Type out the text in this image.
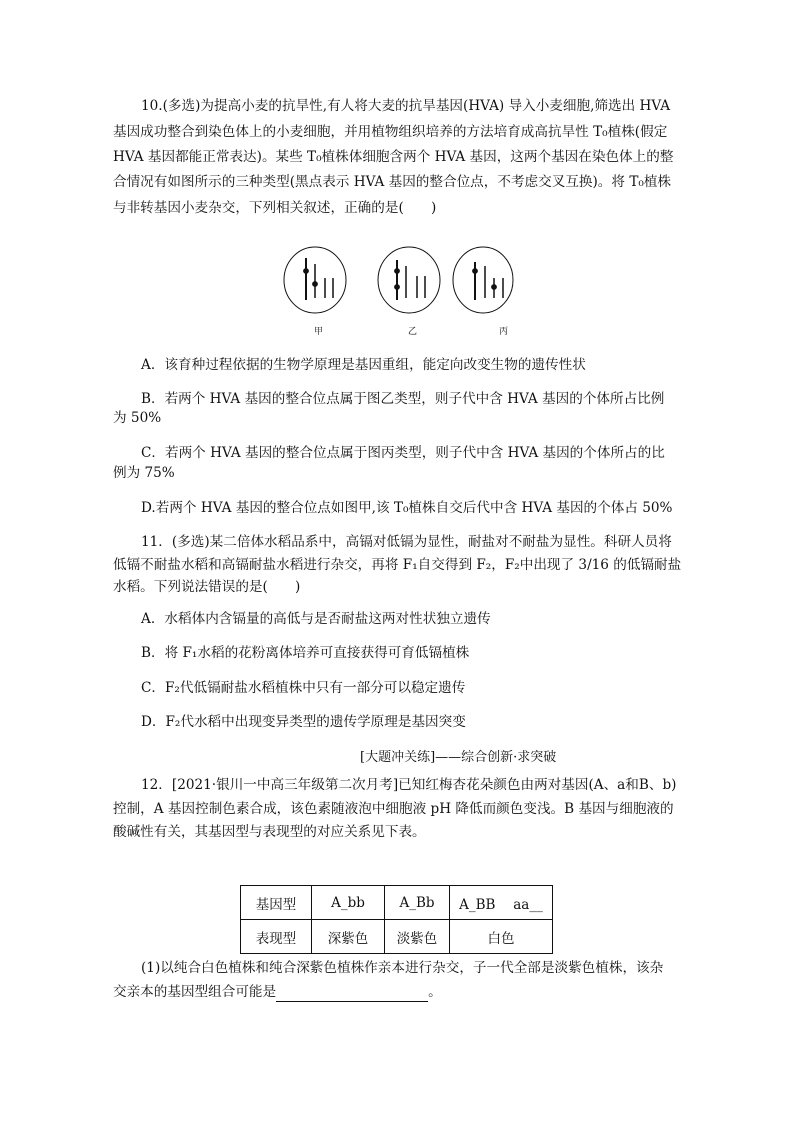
10.(多选)为提高小麦的抗旱性,有人将大麦的抗旱基因(HVA) 导入小麦细胞,筛选出 HVA
基因成功整合到染色体上的小麦细胞，并用植物组织培养的方法培育成高抗旱性 T₀植株(假定
HVA 基因都能正常表达)。某些 T₀植株体细胞含两个 HVA 基因，这两个基因在染色体上的整
合情况有如图所示的三种类型(黑点表示 HVA 基因的整合位点，不考虑交叉互换)。将 T₀植株
与非转基因小麦杂交，下列相关叙述，正确的是(　　)
甲	乙	丙
A．该育种过程依据的生物学原理是基因重组，能定向改变生物的遗传性状
B．若两个 HVA 基因的整合位点属于图乙类型，则子代中含 HVA 基因的个体所占比例
为 50%
C．若两个 HVA 基因的整合位点属于图丙类型，则子代中含 HVA 基因的个体所占的比
例为 75%
D.若两个 HVA 基因的整合位点如图甲,该 T₀植株自交后代中含 HVA 基因的个体占 50%
11．(多选)某二倍体水稻品系中，高镉对低镉为显性，耐盐对不耐盐为显性。科研人员将
低镉不耐盐水稻和高镉耐盐水稻进行杂交，再将 F₁自交得到 F₂，F₂中出现了 3/16 的低镉耐盐
水稻。下列说法错误的是(　　)
A．水稻体内含镉量的高低与是否耐盐这两对性状独立遗传
B．将 F₁水稻的花粉离体培养可直接获得可育低镉植株
C．F₂代低镉耐盐水稻植株中只有一部分可以稳定遗传
D．F₂代水稻中出现变异类型的遗传学原理是基因突变
[大题冲关练]——综合创新·求突破
12．[2021·银川一中高三年级第二次月考]已知红梅杏花朵颜色由两对基因(A、a和B、b)
控制，A 基因控制色素合成，该色素随液泡中细胞液 pH 降低而颜色变浅。B 基因与细胞液的
酸碱性有关，其基因型与表现型的对应关系见下表。
基因型	A_bb	A_Bb	A_BB　 aa__
表现型	深紫色	淡紫色	白色
(1)以纯合白色植株和纯合深紫色植株作亲本进行杂交，子一代全部是淡紫色植株，该杂
交亲本的基因型组合可能是	。
